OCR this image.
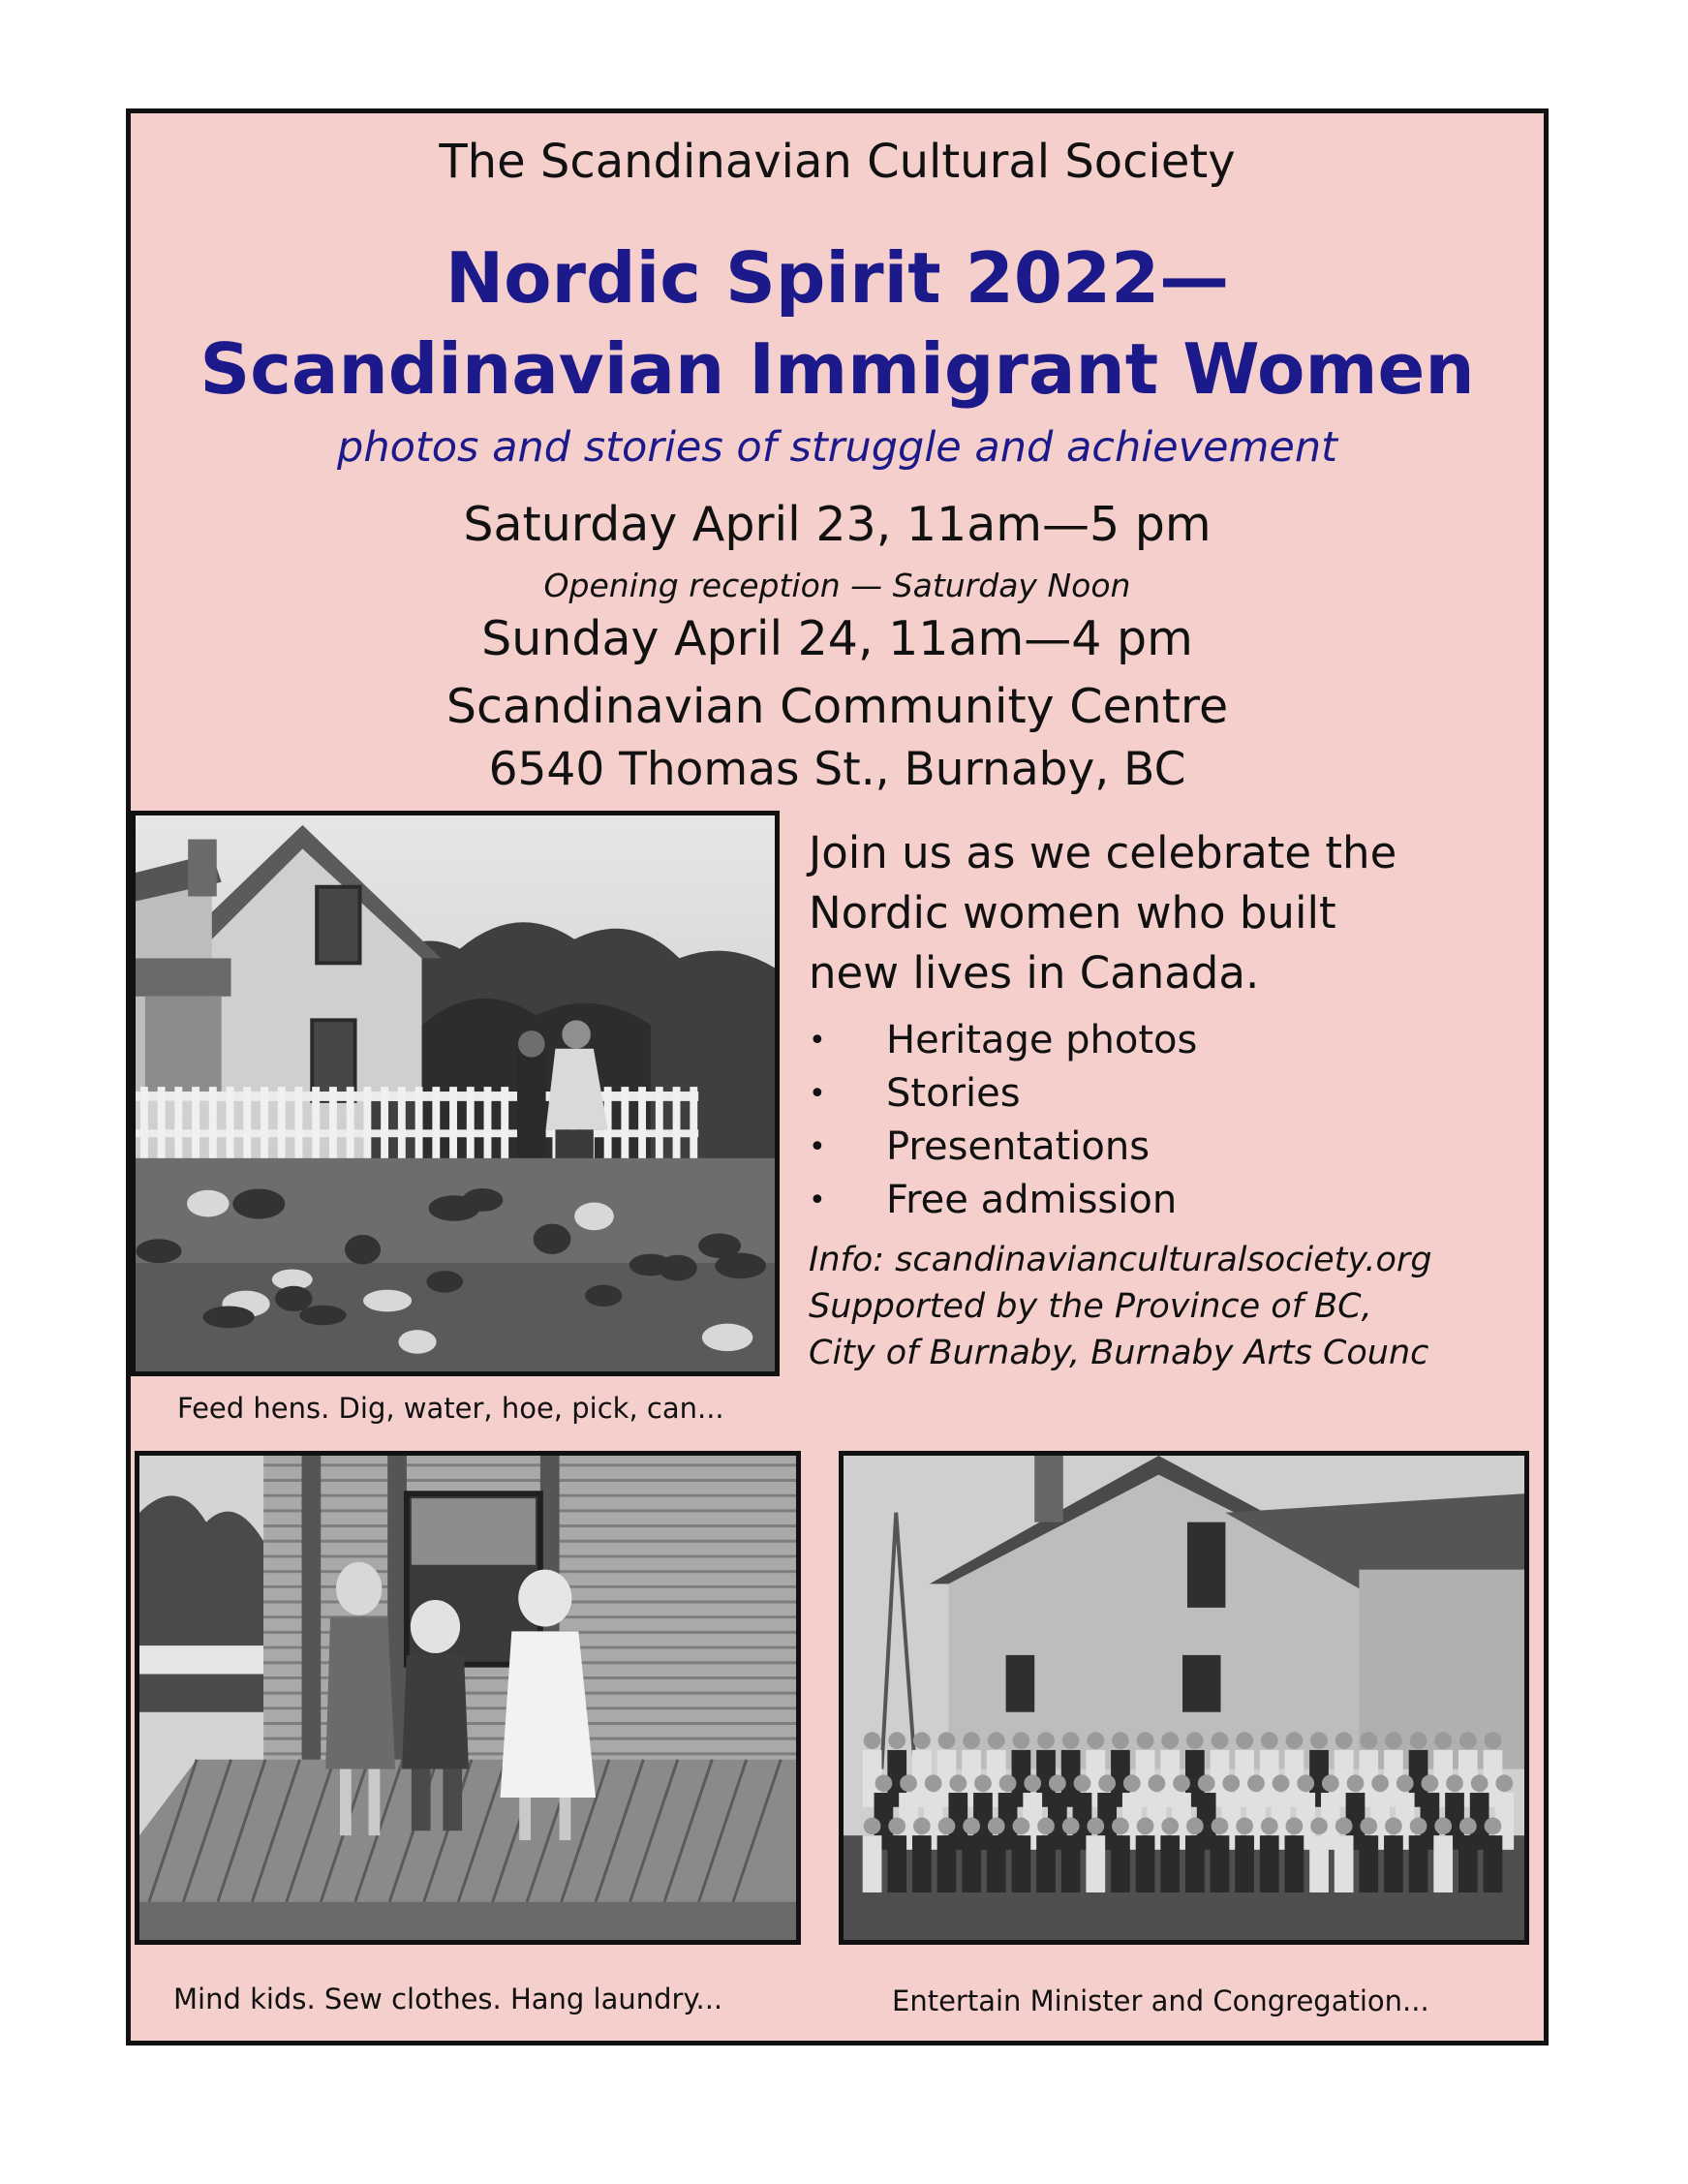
The Scandinavian Cultural Society
Nordic Spirit 2022—
Scandinavian Immigrant Women
photos and stories of struggle and achievement
Saturday April 23, 11am—5 pm
Opening reception — Saturday Noon
Sunday April 24, 11am—4 pm
Scandinavian Community Centre
6540 Thomas St., Burnaby, BC
Feed hens. Dig, water, hoe, pick, can...
Join us as we celebrate the
Nordic women who built
new lives in Canada.
• Heritage photos
• Stories
• Presentations
• Free admission
Info: scandinavianculturalsociety.org
Supported by the Province of BC,
City of Burnaby, Burnaby Arts Counc
Mind kids. Sew clothes. Hang laundry...	Entertain Minister and Congregation...
